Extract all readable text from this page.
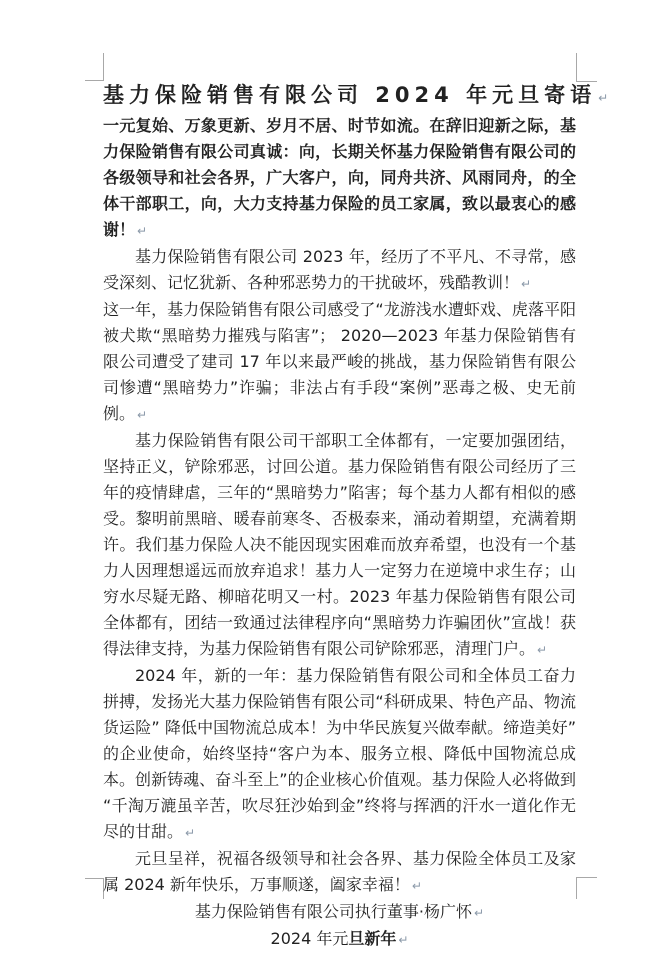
基力保险销售有限公司 2024 年元旦寄语 ↵

一元复始、万象更新、岁月不居、时节如流。在辞旧迎新之际，基力保险销售有限公司真诚：向，长期关怀基力保险销售有限公司的各级领导和社会各界，广大客户，向，同舟共济、风雨同舟，的全体干部职工，向，大力支持基力保险的员工家属，致以最衷心的感谢！ ↵

基力保险销售有限公司 2023 年，经历了不平凡、不寻常，感受深刻、记忆犹新、各种邪恶势力的干扰破坏，残酷教训！ ↵

这一年，基力保险销售有限公司感受了“龙游浅水遭虾戏、虎落平阳被犬欺“黑暗势力摧残与陷害”； 2020—2023 年基力保险销售有限公司遭受了建司 17 年以来最严峻的挑战，基力保险销售有限公司惨遭“黑暗势力”诈骗；非法占有手段“案例”恶毒之极、史无前例。 ↵

基力保险销售有限公司干部职工全体都有，一定要加强团结，坚持正义，铲除邪恶，讨回公道。基力保险销售有限公司经历了三年的疫情肆虐，三年的“黑暗势力”陷害；每个基力人都有相似的感受。黎明前黑暗、暖春前寒冬、否极泰来，涌动着期望，充满着期许。我们基力保险人决不能因现实困难而放弃希望，也没有一个基力人因理想遥远而放弃追求！基力人一定努力在逆境中求生存；山穷水尽疑无路、柳暗花明又一村。2023 年基力保险销售有限公司全体都有，团结一致通过法律程序向“黑暗势力诈骗团伙”宣战！获得法律支持，为基力保险销售有限公司铲除邪恶，清理门户。 ↵

2024 年，新的一年：基力保险销售有限公司和全体员工奋力拼搏，发扬光大基力保险销售有限公司“科研成果、特色产品、物流货运险” 降低中国物流总成本！为中华民族复兴做奉献。缔造美好”的企业使命，始终坚持“客户为本、服务立根、降低中国物流总成本。创新铸魂、奋斗至上”的企业核心价值观。基力保险人必将做到“千淘万漉虽辛苦，吹尽狂沙始到金”终将与挥洒的汗水一道化作无尽的甘甜。 ↵

元旦呈祥，祝福各级领导和社会各界、基力保险全体员工及家属 2024 新年快乐，万事顺遂，阖家幸福！ ↵

基力保险销售有限公司执行董事·杨广怀 ↵

2024 年元旦新年 ↵
